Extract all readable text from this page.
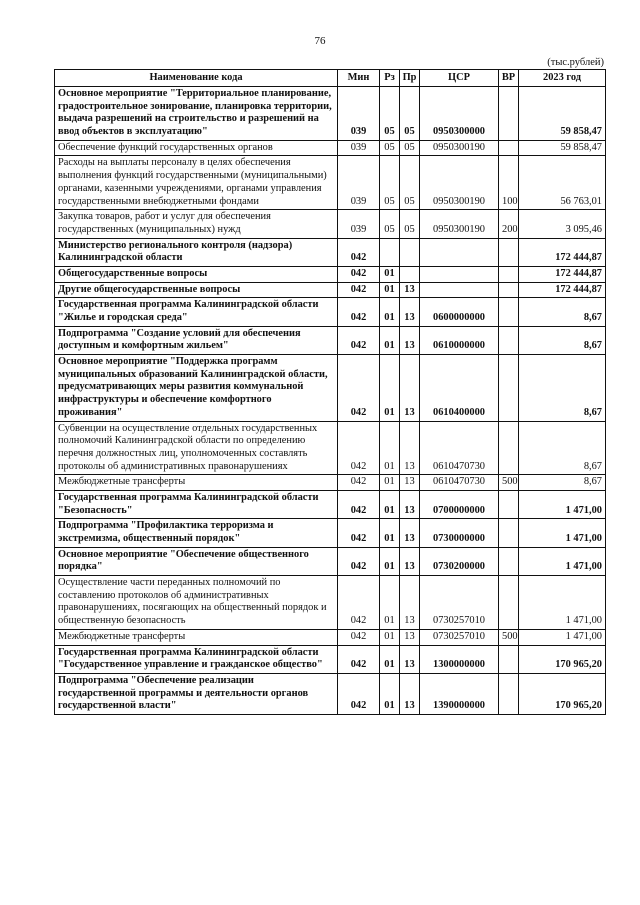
76
(тыс.рублей)
Наименование кода	Мин	Рз	Пр	ЦСР	ВР	2023 год
Основное мероприятие "Территориальное планирование, градостроительное зонирование, планировка территории, выдача разрешений на строительство и разрешений на ввод объектов в эксплуатацию"	039	05	05	0950300000		59 858,47
Обеспечение функций государственных органов	039	05	05	0950300190		59 858,47
Расходы на выплаты персоналу в целях обеспечения выполнения функций государственными (муниципальными) органами, казенными учреждениями, органами управления государственными внебюджетными фондами	039	05	05	0950300190	100	56 763,01
Закупка товаров, работ и услуг для обеспечения государственных (муниципальных) нужд	039	05	05	0950300190	200	3 095,46
Министерство регионального контроля (надзора) Калининградской области	042					172 444,87
Общегосударственные вопросы	042	01				172 444,87
Другие общегосударственные вопросы	042	01	13			172 444,87
Государственная программа Калининградской области "Жилье и городская среда"	042	01	13	0600000000		8,67
Подпрограмма "Создание условий для обеспечения доступным и комфортным жильем"	042	01	13	0610000000		8,67
Основное мероприятие "Поддержка программ муниципальных образований Калининградской области, предусматривающих меры развития коммунальной инфраструктуры и обеспечение комфортного проживания"	042	01	13	0610400000		8,67
Субвенции на осуществление отдельных государственных полномочий Калининградской области по определению перечня должностных лиц, уполномоченных составлять протоколы об административных правонарушениях	042	01	13	0610470730		8,67
Межбюджетные трансферты	042	01	13	0610470730	500	8,67
Государственная программа Калининградской области "Безопасность"	042	01	13	0700000000		1 471,00
Подпрограмма "Профилактика терроризма и экстремизма, общественный порядок"	042	01	13	0730000000		1 471,00
Основное мероприятие "Обеспечение общественного порядка"	042	01	13	0730200000		1 471,00
Осуществление части переданных полномочий по составлению протоколов об административных правонарушениях, посягающих на общественный порядок и общественную безопасность	042	01	13	0730257010		1 471,00
Межбюджетные трансферты	042	01	13	0730257010	500	1 471,00
Государственная программа Калининградской области "Государственное управление и гражданское общество"	042	01	13	1300000000		170 965,20
Подпрограмма "Обеспечение реализации государственной программы и деятельности органов государственной власти"	042	01	13	1390000000		170 965,20
